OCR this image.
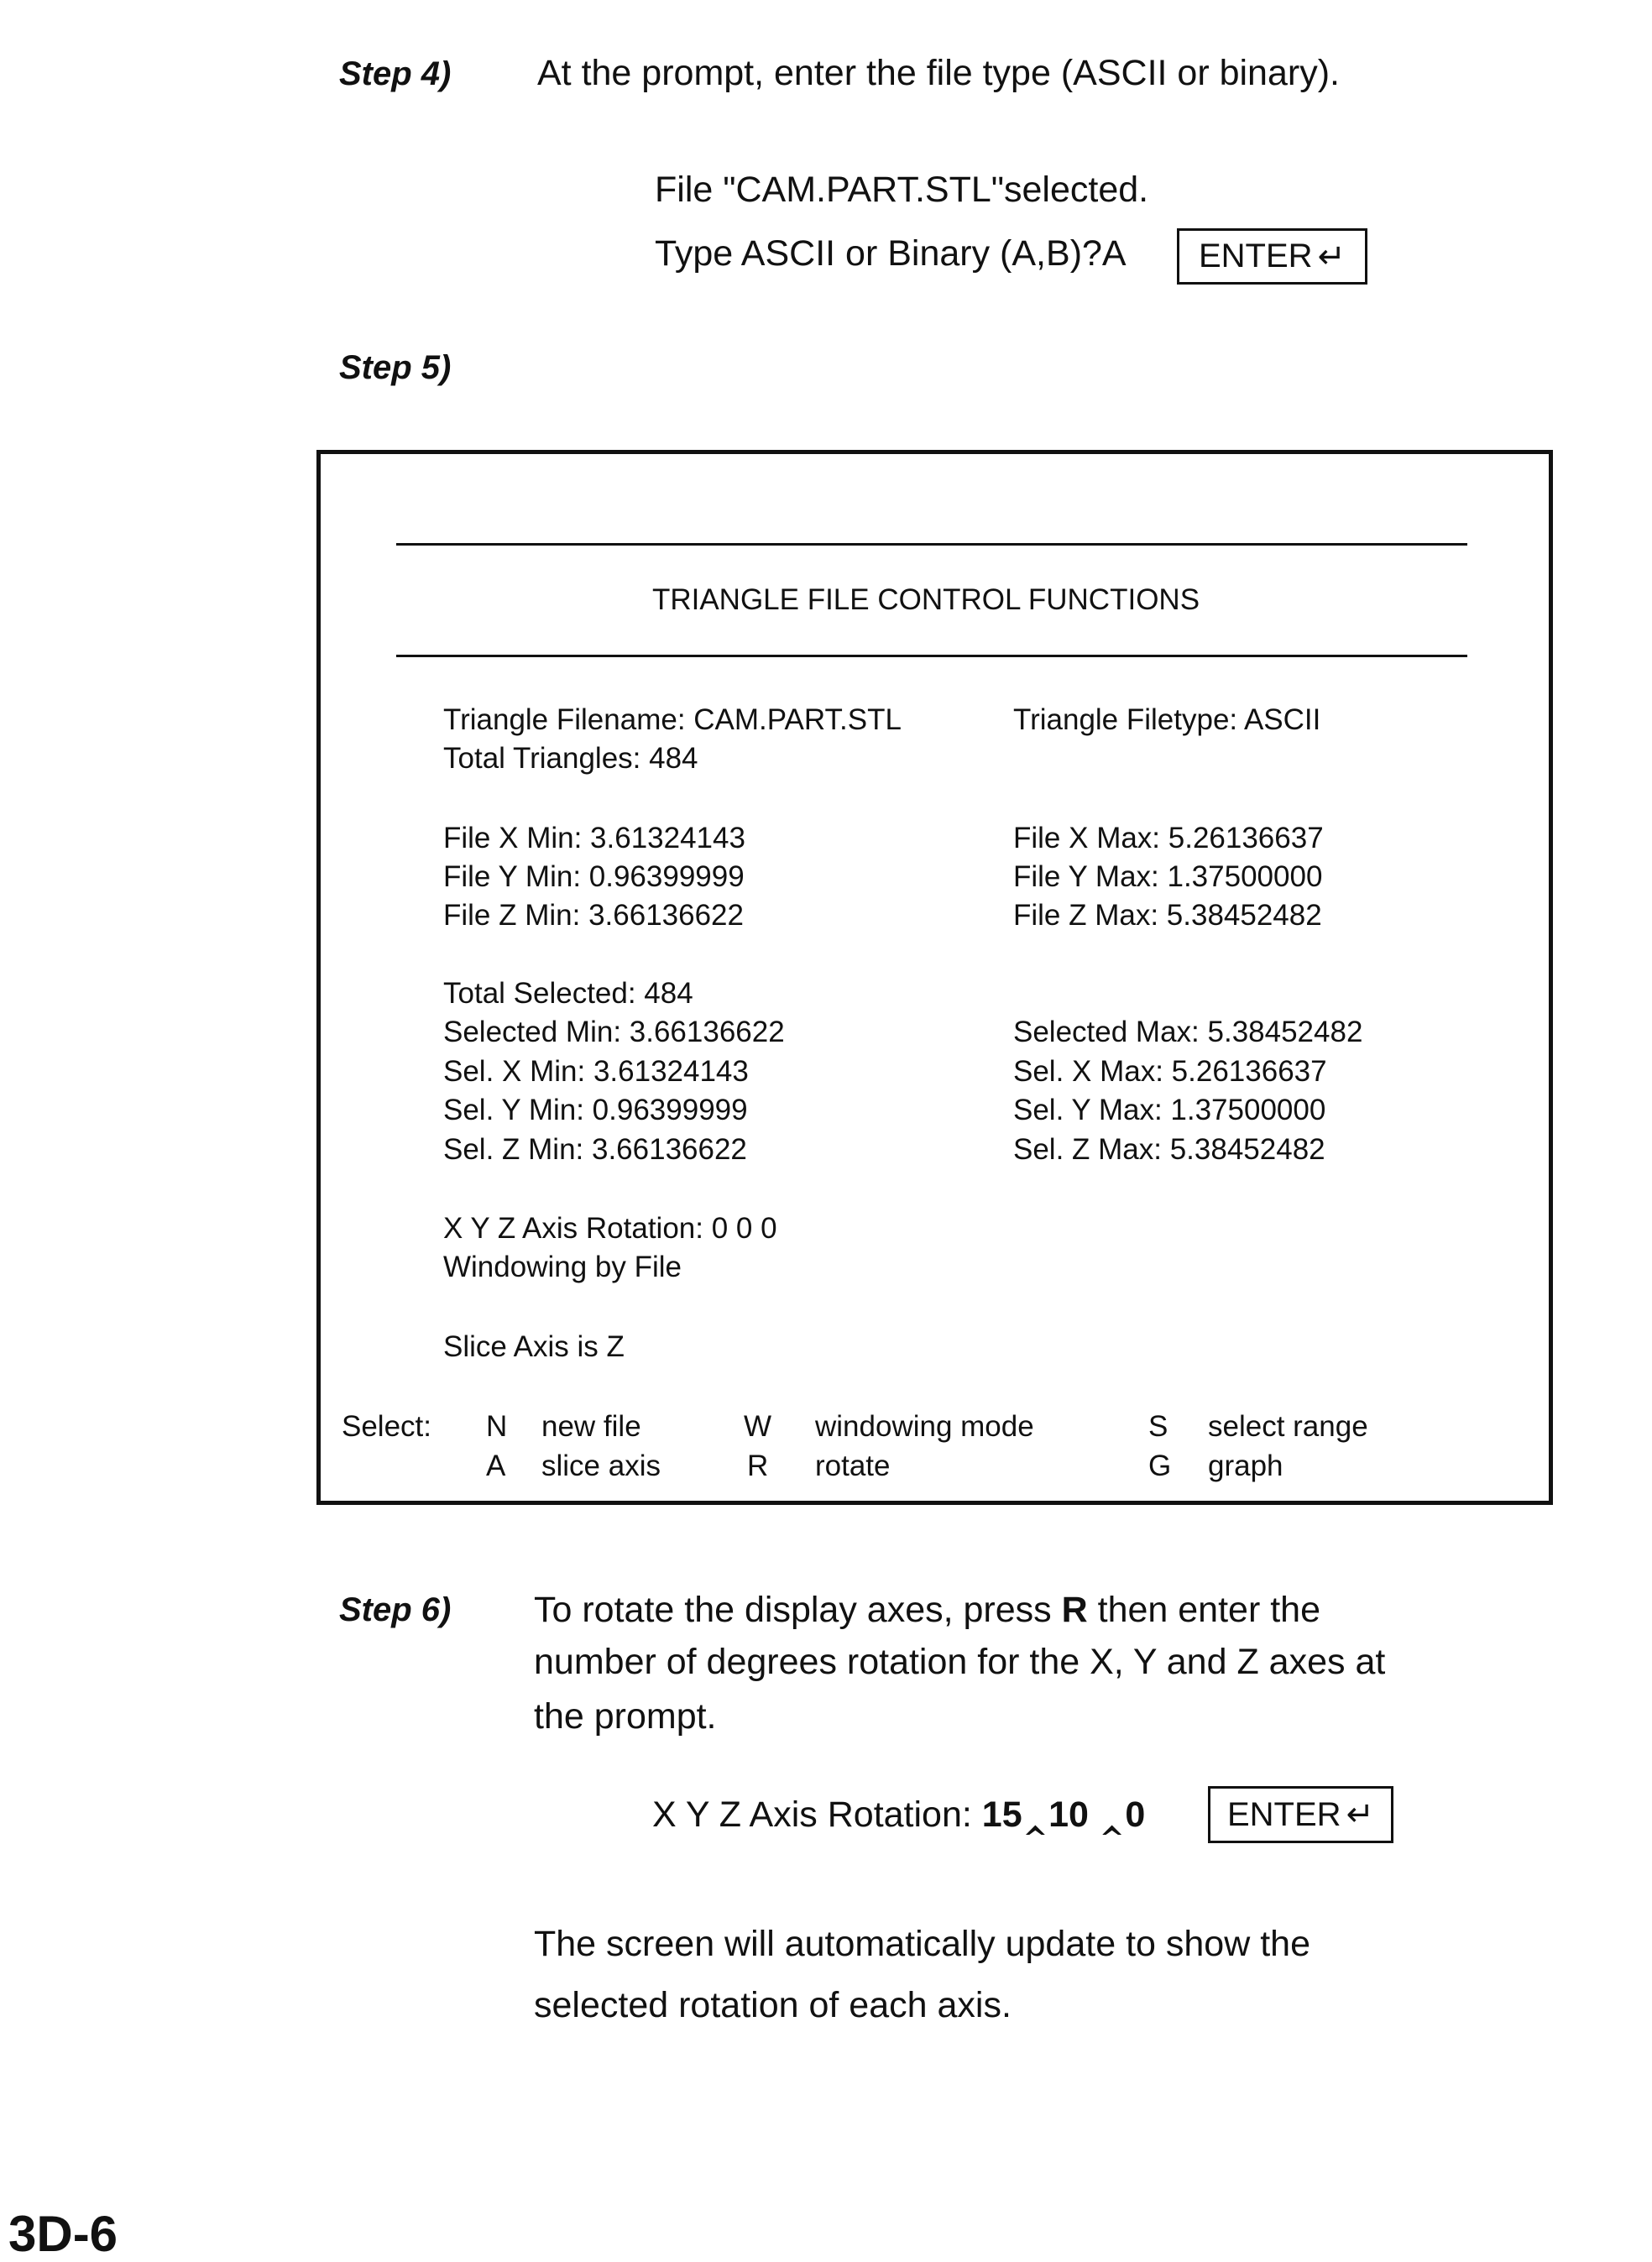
Step 4) At the prompt, enter the file type (ASCII or binary).
File "CAM.PART.STL"selected.
Type ASCII or Binary (A,B)?A ENTER ↵
Step 5)
TRIANGLE FILE CONTROL FUNCTIONS
Triangle Filename: CAM.PART.STL
Total Triangles: 484
File X Min: 3.61324143
File Y Min: 0.96399999
File Z Min: 3.66136622
Total Selected: 484
Selected Min: 3.66136622
Sel. X Min: 3.61324143
Sel. Y Min: 0.96399999
Sel. Z Min: 3.66136622
X Y Z Axis Rotation: 0 0 0
Windowing by File
Slice Axis is Z
Triangle Filetype: ASCII
File X Max: 5.26136637
File Y Max: 1.37500000
File Z Max: 5.38452482
Selected Max: 5.38452482
Sel. X Max: 5.26136637
Sel. Y Max: 1.37500000
Sel. Z Max: 5.38452482
Select: N new file	W windowing mode	S select range
A slice axis	R rotate	G graph
Step 6) To rotate the display axes, press R then enter the
number of degrees rotation for the X, Y and Z axes at
the prompt.
X Y Z Axis Rotation: 15‸10 ‸0 ENTER ↵
The screen will automatically update to show the
selected rotation of each axis.
3D-6
